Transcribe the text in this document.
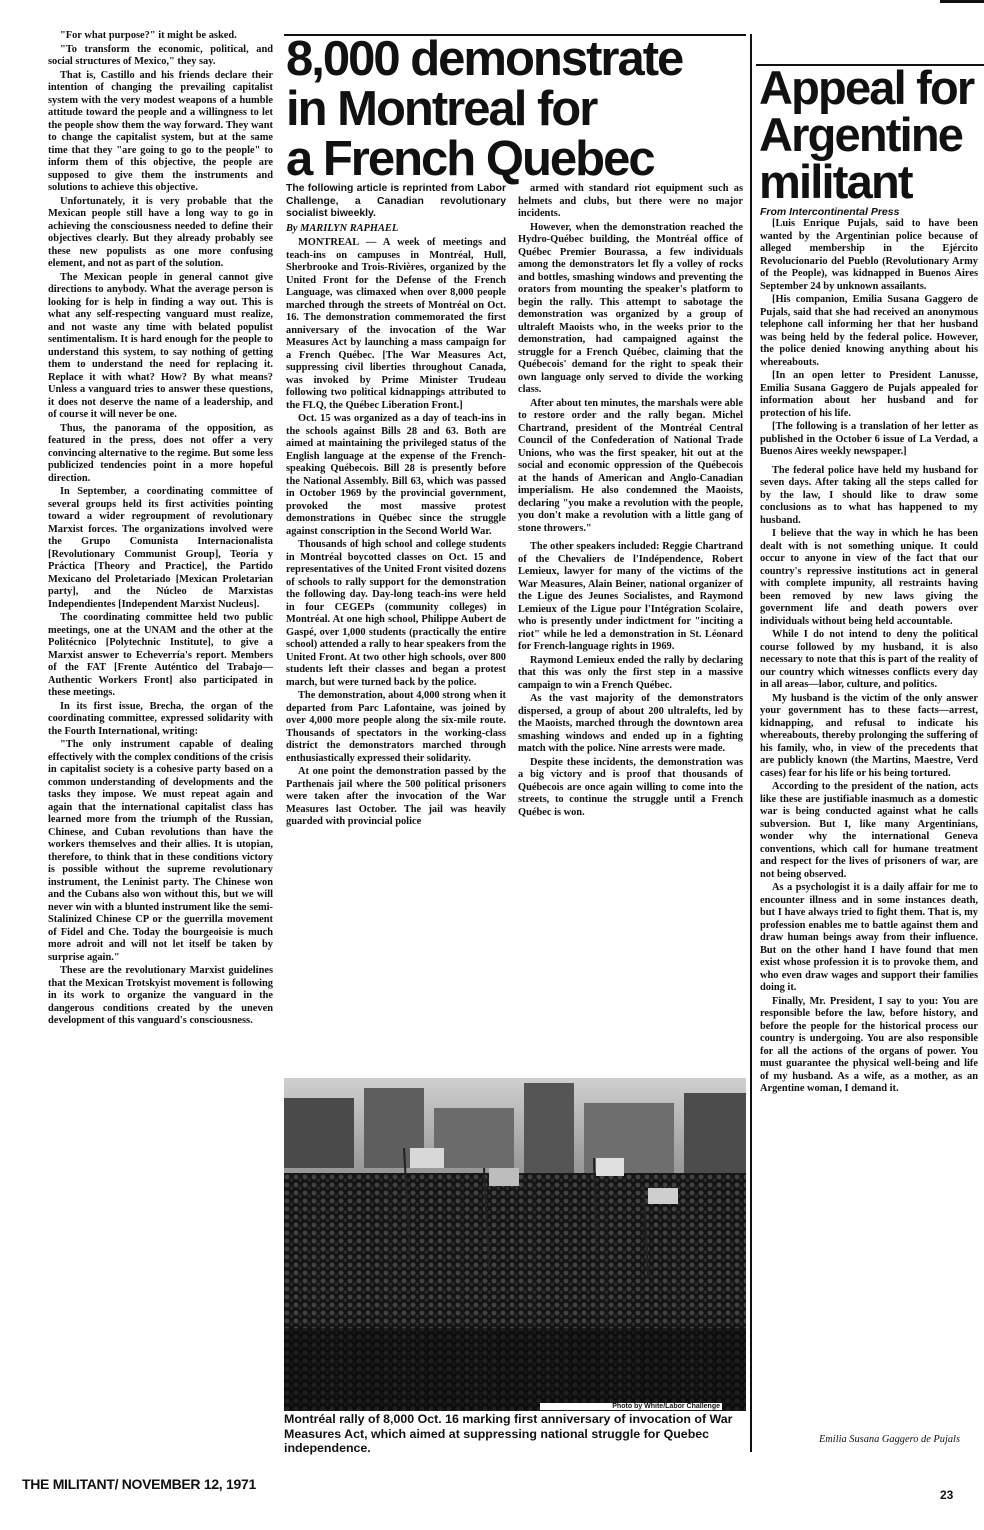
"For what purpose?" it might be asked.

"To transform the economic, political, and social structures of Mexico," they say.

That is, Castillo and his friends declare their intention of changing the prevailing capitalist system with the very modest weapons of a humble attitude toward the people and a willingness to let the people show them the way forward. They want to change the capitalist system, but at the same time that they "are going to go to the people" to inform them of this objective, the people are supposed to give them the instruments and solutions to achieve this objective.

Unfortunately, it is very probable that the Mexican people still have a long way to go in achieving the consciousness needed to define their objectives clearly. But they already probably see these new populists as one more confusing element, and not as part of the solution.

The Mexican people in general cannot give directions to anybody. What the average person is looking for is help in finding a way out. This is what any self-respecting vanguard must realize, and not waste any time with belated populist sentimentalism. It is hard enough for the people to understand this system, to say nothing of getting them to understand the need for replacing it. Replace it with what? How? By what means? Unless a vanguard tries to answer these questions, it does not deserve the name of a leadership, and of course it will never be one.

Thus, the panorama of the opposition, as featured in the press, does not offer a very convincing alternative to the regime. But some less publicized tendencies point in a more hopeful direction.

In September, a coordinating committee of several groups held its first activities pointing toward a wider regroupment of revolutionary Marxist forces. The organizations involved were the Grupo Comunista Internacionalista [Revolutionary Communist Group], Teoría y Práctica [Theory and Practice], the Partido Mexicano del Proletariado [Mexican Proletarian party], and the Núcleo de Marxistas Independientes [Independent Marxist Nucleus].

The coordinating committee held two public meetings, one at the UNAM and the other at the Politécnico [Polytechnic Institute], to give a Marxist answer to Echeverría's report. Members of the FAT [Frente Auténtico del Trabajo—Authentic Workers Front] also participated in these meetings.

In its first issue, Brecha, the organ of the coordinating committee, expressed solidarity with the Fourth International, writing:

"The only instrument capable of dealing effectively with the complex conditions of the crisis in capitalist society is a cohesive party based on a common understanding of developments and the tasks they impose. We must repeat again and again that the international capitalist class has learned more from the triumph of the Russian, Chinese, and Cuban revolutions than have the workers themselves and their allies. It is utopian, therefore, to think that in these conditions victory is possible without the supreme revolutionary instrument, the Leninist party. The Chinese won and the Cubans also won without this, but we will never win with a blunted instrument like the semi-Stalinized Chinese CP or the guerrilla movement of Fidel and Che. Today the bourgeoisie is much more adroit and will not let itself be taken by surprise again."

These are the revolutionary Marxist guidelines that the Mexican Trotskyist movement is following in its work to organize the vanguard in the dangerous conditions created by the uneven development of this vanguard's consciousness.

8,000 demonstrate
in Montreal for
a French Quebec
The following article is reprinted from Labor Challenge, a Canadian revolutionary socialist biweekly.
By MARILYN RAPHAEL

MONTREAL — A week of meetings and teach-ins on campuses in Montréal, Hull, Sherbrooke and Trois-Rivières, organized by the United Front for the Defense of the French Language, was climaxed when over 8,000 people marched through the streets of Montréal on Oct. 16. The demonstration commemorated the first anniversary of the invocation of the War Measures Act by launching a mass campaign for a French Québec. [The War Measures Act, suppressing civil liberties throughout Canada, was invoked by Prime Minister Trudeau following two political kidnappings attributed to the FLQ, the Québec Liberation Front.]

Oct. 15 was organized as a day of teach-ins in the schools against Bills 28 and 63. Both are aimed at maintaining the privileged status of the English language at the expense of the French-speaking Québecois. Bill 28 is presently before the National Assembly. Bill 63, which was passed in October 1969 by the provincial government, provoked the most massive protest demonstrations in Québec since the struggle against conscription in the Second World War.

Thousands of high school and college students in Montréal boycotted classes on Oct. 15 and representatives of the United Front visited dozens of schools to rally support for the demonstration the following day. Day-long teach-ins were held in four CEGEPs (community colleges) in Montréal. At one high school, Philippe Aubert de Gaspé, over 1,000 students (practically the entire school) attended a rally to hear speakers from the United Front. At two other high schools, over 800 students left their classes and began a protest march, but were turned back by the police.

The demonstration, about 4,000 strong when it departed from Parc Lafontaine, was joined by over 4,000 more people along the six-mile route. Thousands of spectators in the working-class district the demonstrators marched through enthusiastically expressed their solidarity.

At one point the demonstration passed by the Parthenais jail where the 500 political prisoners were taken after the invocation of the War Measures last October. The jail was heavily guarded with provincial police

armed with standard riot equipment such as helmets and clubs, but there were no major incidents.

However, when the demonstration reached the Hydro-Québec building, the Montréal office of Québec Premier Bourassa, a few individuals among the demonstrators let fly a volley of rocks and bottles, smashing windows and preventing the orators from mounting the speaker's platform to begin the rally. This attempt to sabotage the demonstration was organized by a group of ultraleft Maoists who, in the weeks prior to the demonstration, had campaigned against the struggle for a French Québec, claiming that the Québecois' demand for the right to speak their own language only served to divide the working class.

After about ten minutes, the marshals were able to restore order and the rally began. Michel Chartrand, president of the Montréal Central Council of the Confederation of National Trade Unions, who was the first speaker, hit out at the social and economic oppression of the Québecois at the hands of American and Anglo-Canadian imperialism. He also condemned the Maoists, declaring "you make a revolution with the people, you don't make a revolution with a little gang of stone throwers."

The other speakers included: Reggie Chartrand of the Chevaliers de l'Indépendence, Robert Lemieux, lawyer for many of the victims of the War Measures, Alain Beiner, national organizer of the Ligue des Jeunes Socialistes, and Raymond Lemieux of the Ligue pour l'Intégration Scolaire, who is presently under indictment for "inciting a riot" while he led a demonstration in St. Léonard for French-language rights in 1969.

Raymond Lemieux ended the rally by declaring that this was only the first step in a massive campaign to win a French Québec.

As the vast majority of the demonstrators dispersed, a group of about 200 ultralefts, led by the Maoists, marched through the downtown area smashing windows and ended up in a fighting match with the police. Nine arrests were made.

Despite these incidents, the demonstration was a big victory and is proof that thousands of Québecois are once again willing to come into the streets, to continue the struggle until a French Québec is won.

Photo by White/Labor Challenge
Montréal rally of 8,000 Oct. 16 marking first anniversary of invocation of War Measures Act, which aimed at suppressing national struggle for Quebec independence.
Appeal for
Argentine
militant
From Intercontinental Press

[Luis Enrique Pujals, said to have been wanted by the Argentinian police because of alleged membership in the Ejército Revolucionario del Pueblo (Revolutionary Army of the People), was kidnapped in Buenos Aires September 24 by unknown assailants.

[His companion, Emilia Susana Gaggero de Pujals, said that she had received an anonymous telephone call informing her that her husband was being held by the federal police. However, the police denied knowing anything about his whereabouts.

[In an open letter to President Lanusse, Emilia Susana Gaggero de Pujals appealed for information about her husband and for protection of his life.

[The following is a translation of her letter as published in the October 6 issue of La Verdad, a Buenos Aires weekly newspaper.]

The federal police have held my husband for seven days. After taking all the steps called for by the law, I should like to draw some conclusions as to what has happened to my husband.

I believe that the way in which he has been dealt with is not something unique. It could occur to anyone in view of the fact that our country's repressive institutions act in general with complete impunity, all restraints having been removed by new laws giving the government life and death powers over individuals without being held accountable.

While I do not intend to deny the political course followed by my husband, it is also necessary to note that this is part of the reality of our country which witnesses conflicts every day in all areas—labor, culture, and politics.

My husband is the victim of the only answer your government has to these facts—arrest, kidnapping, and refusal to indicate his whereabouts, thereby prolonging the suffering of his family, who, in view of the precedents that are publicly known (the Martins, Maestre, Verd cases) fear for his life or his being tortured.

According to the president of the nation, acts like these are justifiable inasmuch as a domestic war is being conducted against what he calls subversion. But I, like many Argentinians, wonder why the international Geneva conventions, which call for humane treatment and respect for the lives of prisoners of war, are not being observed.

As a psychologist it is a daily affair for me to encounter illness and in some instances death, but I have always tried to fight them. That is, my profession enables me to battle against them and draw human beings away from their influence. But on the other hand I have found that men exist whose profession it is to provoke them, and who even draw wages and support their families doing it.

Finally, Mr. President, I say to you: You are responsible before the law, before history, and before the people for the historical process our country is undergoing. You are also responsible for all the actions of the organs of power. You must guarantee the physical well-being and life of my husband. As a wife, as a mother, as an Argentine woman, I demand it.

Emilia Susana Gaggero de Pujals
THE MILITANT/ NOVEMBER 12, 1971
23
